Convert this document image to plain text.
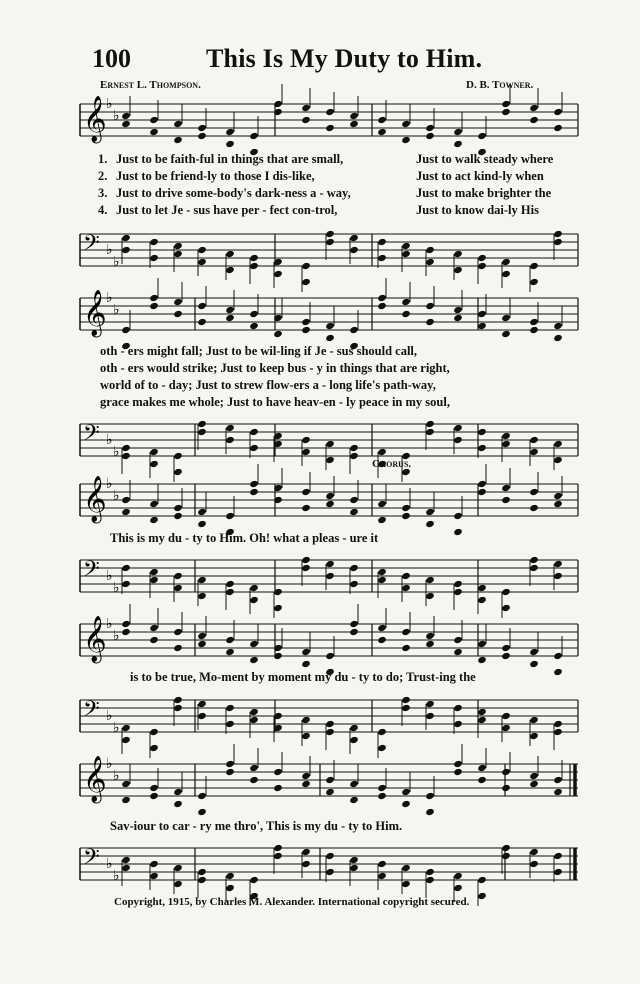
100	This Is My Duty to Him.
Ernest L. Thompson.	D. B. Towner.
𝄞 ♭
♭
1. Just to be faith-ful in things that are small,	Just to walk steady where
2. Just to be friend-ly to those I dis-like,	Just to act kind-ly when
3. Just to drive some-body's dark-ness a - way,	Just to make brighter the
4. Just to let Je - sus have per - fect con-trol,	Just to know dai-ly His
𝄢 ♭
♭
𝄞 ♭
♭
oth - ers might fall; Just to be wil-ling if Je - sus should call,
oth - ers would strike; Just to keep bus - y in things that are right,
world of to - day; Just to strew flow-ers a - long life's path-way,
grace makes me whole; Just to have heav-en - ly peace in my soul,
𝄢 ♭
♭
Chorus.
𝄞 ♭
♭
This is my du - ty to Him. Oh! what a pleas - ure it
𝄢 ♭
♭
𝄞 ♭
♭
is to be true, Mo-ment by moment my du - ty to do; Trust-ing the
𝄢 ♭
♭
𝄞 ♭
♭
Sav-iour to car - ry me thro', This is my du - ty to Him.
𝄢 ♭
♭
Copyright, 1915, by Charles M. Alexander. International copyright secured.
